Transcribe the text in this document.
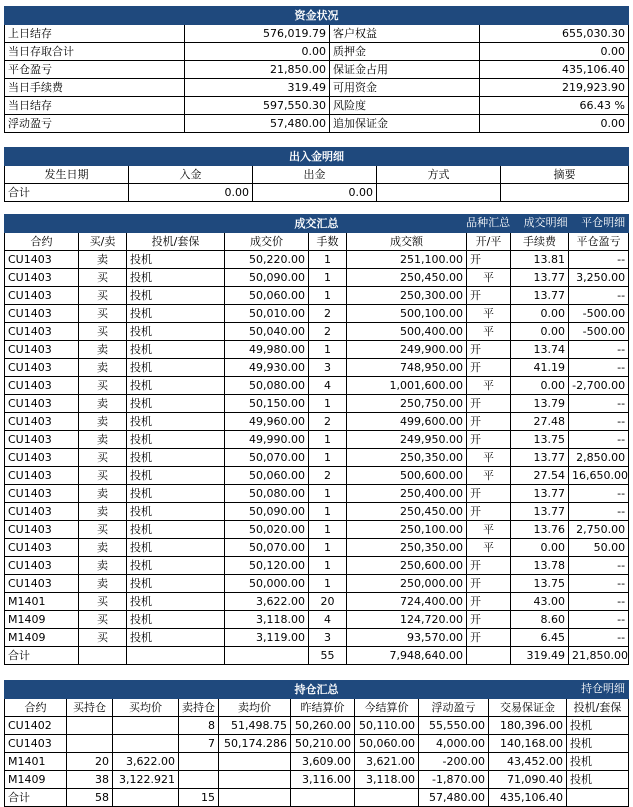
资金状况			
上日结存	576,019.79	客户权益	655,030.30
当日存取合计	0.00	质押金	0.00
平仓盈亏	21,850.00	保证金占用	435,106.40
当日手续费	319.49	可用资金	219,923.90
当日结存	597,550.30	风险度	66.43 %
浮动盈亏	57,480.00	追加保证金	0.00
出入金明细				
发生日期	入金	出金	方式	摘要
合计	0.00	0.00		
成交汇总 品种汇总 成交明细 平仓明细								

合约	买/卖	投机/套保	成交价	手数	成交额	开/平	手续费	平仓盈亏
CU1403	卖	投机	50,220.00	1	251,100.00	开	13.81	--
CU1403	买	投机	50,090.00	1	250,450.00	平	13.77	3,250.00
CU1403	买	投机	50,060.00	1	250,300.00	开	13.77	--
CU1403	买	投机	50,010.00	2	500,100.00	平	0.00	-500.00
CU1403	买	投机	50,040.00	2	500,400.00	平	0.00	-500.00
CU1403	卖	投机	49,980.00	1	249,900.00	开	13.74	--
CU1403	卖	投机	49,930.00	3	748,950.00	开	41.19	--
CU1403	买	投机	50,080.00	4	1,001,600.00	平	0.00	-2,700.00
CU1403	卖	投机	50,150.00	1	250,750.00	开	13.79	--
CU1403	卖	投机	49,960.00	2	499,600.00	开	27.48	--
CU1403	卖	投机	49,990.00	1	249,950.00	开	13.75	--
CU1403	买	投机	50,070.00	1	250,350.00	平	13.77	2,850.00
CU1403	买	投机	50,060.00	2	500,600.00	平	27.54	16,650.00
CU1403	卖	投机	50,080.00	1	250,400.00	开	13.77	--
CU1403	卖	投机	50,090.00	1	250,450.00	开	13.77	--
CU1403	买	投机	50,020.00	1	250,100.00	平	13.76	2,750.00
CU1403	卖	投机	50,070.00	1	250,350.00	平	0.00	50.00
CU1403	卖	投机	50,120.00	1	250,600.00	开	13.78	--
CU1403	卖	投机	50,000.00	1	250,000.00	开	13.75	--
M1401	买	投机	3,622.00	20	724,400.00	开	43.00	--
M1409	买	投机	3,118.00	4	124,720.00	开	8.60	--
M1409	买	投机	3,119.00	3	93,570.00	开	6.45	--
合计				55	7,948,640.00		319.49	21,850.00
持仓汇总 持仓明细									

合约	买持仓	买均价	卖持仓	卖均价	昨结算价	今结算价	浮动盈亏	交易保证金	投机/套保
CU1402			8	51,498.75	50,260.00	50,110.00	55,550.00	180,396.00	投机
CU1403			7	50,174.286	50,210.00	50,060.00	4,000.00	140,168.00	投机
M1401	20	3,622.00			3,609.00	3,621.00	-200.00	43,452.00	投机
M1409	38	3,122.921			3,116.00	3,118.00	-1,870.00	71,090.40	投机
合计	58		15				57,480.00	435,106.40	
